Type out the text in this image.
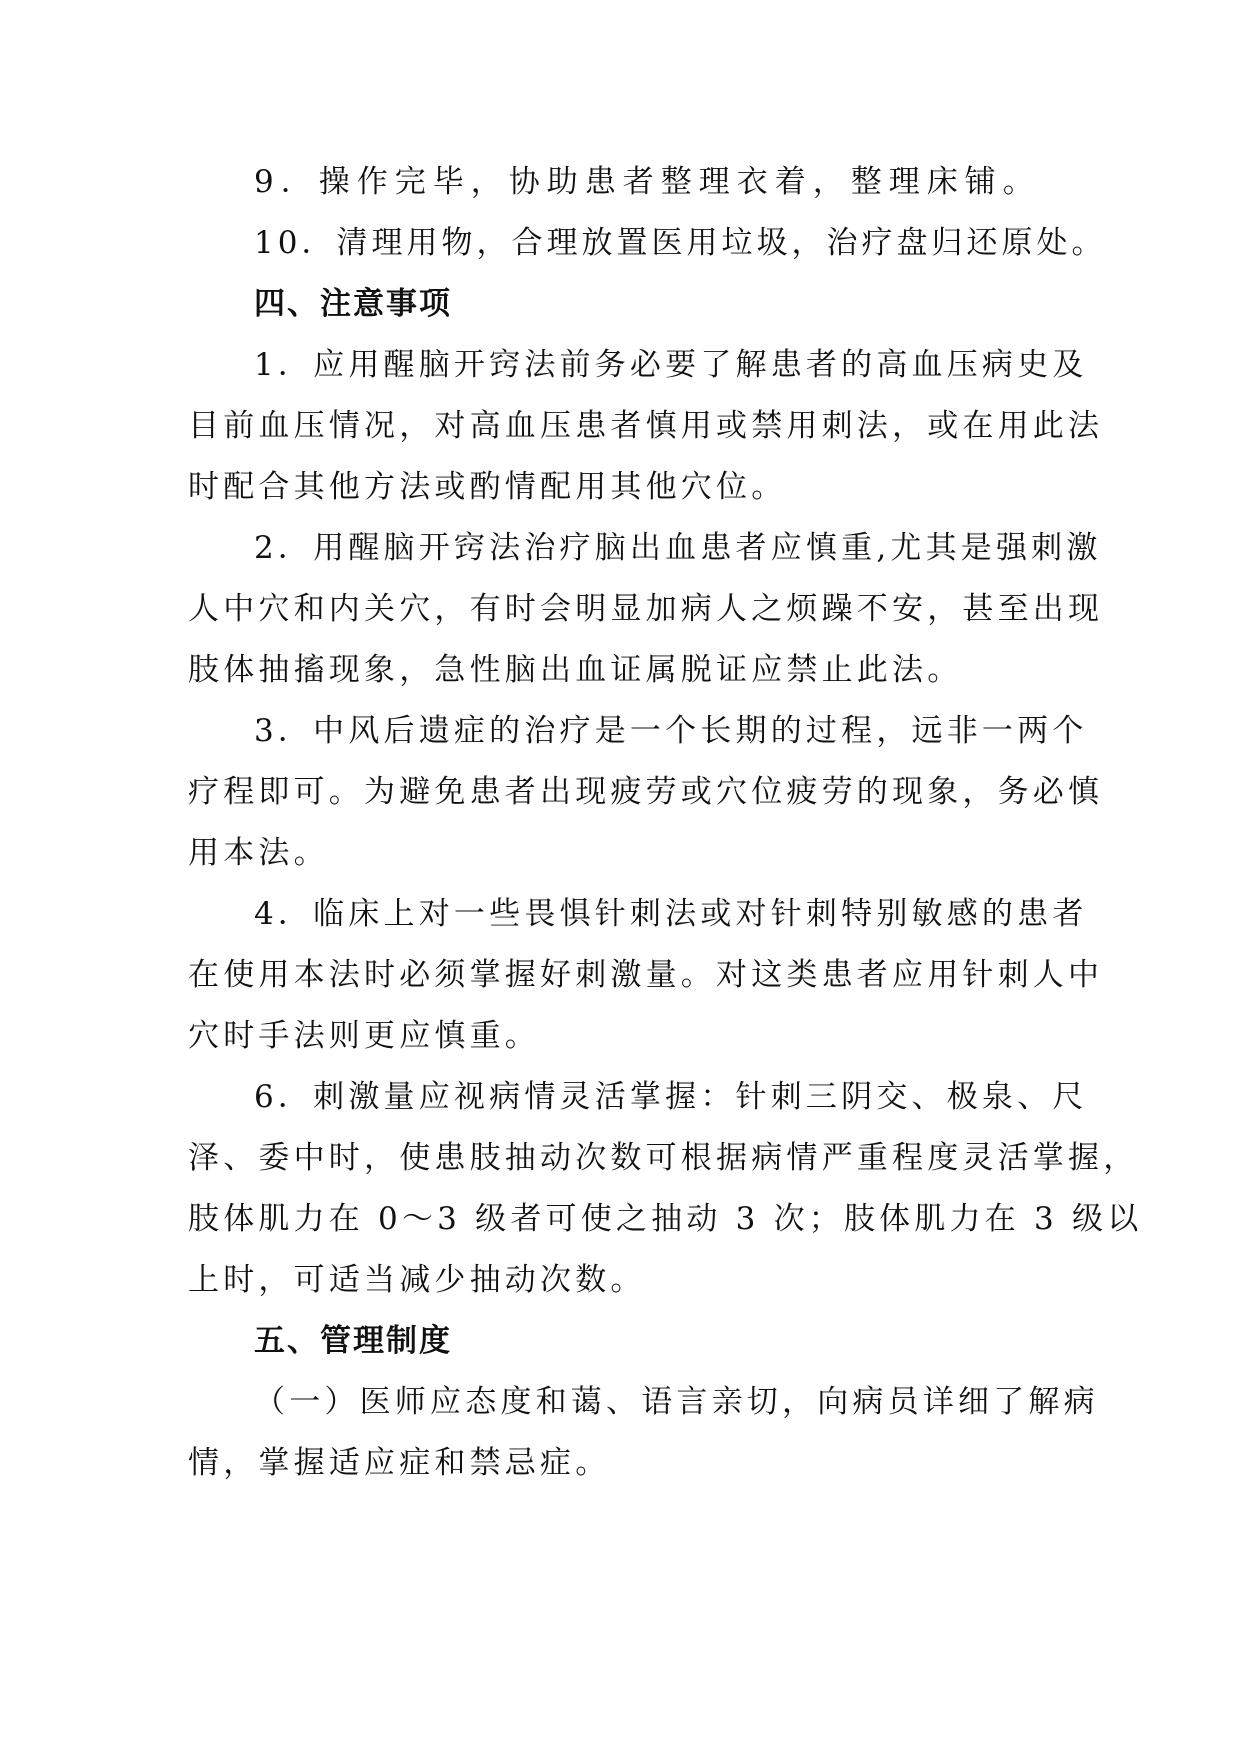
9．操作完毕，协助患者整理衣着，整理床铺。
10．清理用物，合理放置医用垃圾，治疗盘归还原处。
四、注意事项
1．应用醒脑开窍法前务必要了解患者的高血压病史及
目前血压情况，对高血压患者慎用或禁用刺法，或在用此法
时配合其他方法或酌情配用其他穴位。
2．用醒脑开窍法治疗脑出血患者应慎重,尤其是强刺激
人中穴和内关穴，有时会明显加病人之烦躁不安，甚至出现
肢体抽搐现象，急性脑出血证属脱证应禁止此法。
3．中风后遗症的治疗是一个长期的过程，远非一两个
疗程即可。为避免患者出现疲劳或穴位疲劳的现象，务必慎
用本法。
4．临床上对一些畏惧针刺法或对针刺特别敏感的患者
在使用本法时必须掌握好刺激量。对这类患者应用针刺人中
穴时手法则更应慎重。
6．刺激量应视病情灵活掌握：针刺三阴交、极泉、尺
泽、委中时，使患肢抽动次数可根据病情严重程度灵活掌握，
肢体肌力在 0～3 级者可使之抽动 3 次；肢体肌力在 3 级以
上时，可适当减少抽动次数。
五、管理制度
（一）医师应态度和蔼、语言亲切，向病员详细了解病
情，掌握适应症和禁忌症。
